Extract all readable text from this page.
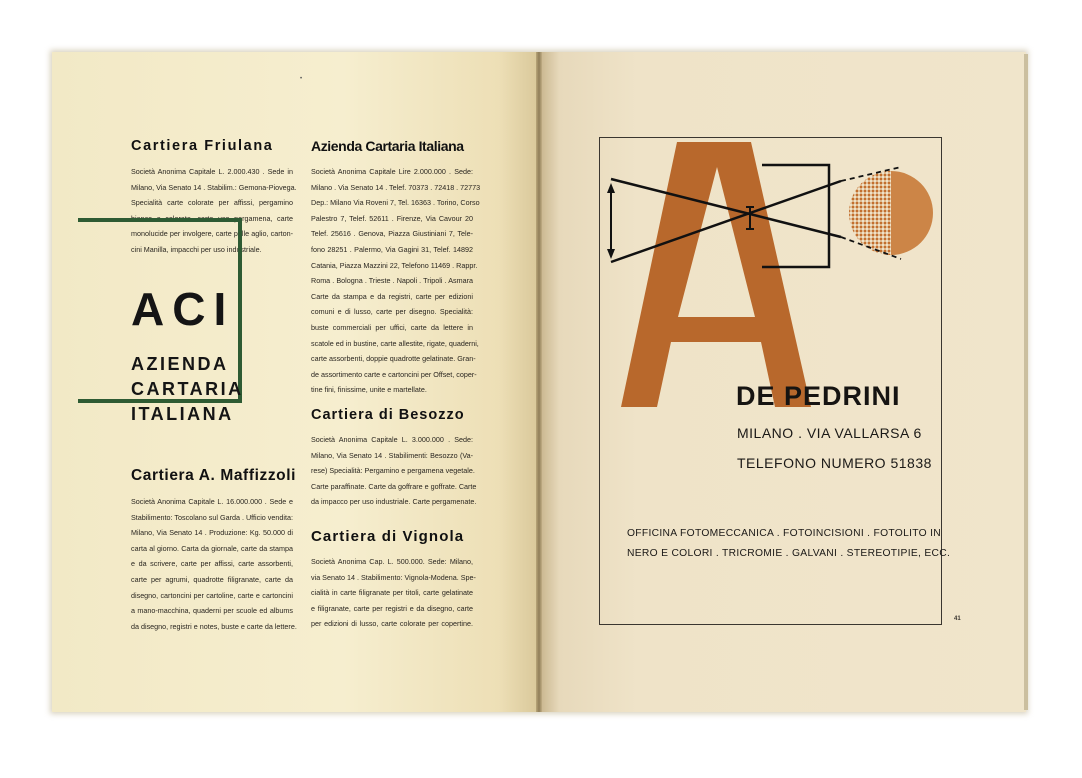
•
Cartiera Friulana
Società Anonima Capitale L. 2.000.430 . Sede in
Milano, Via Senato 14 . Stabilim.: Gemona-Piovega.
Specialità carte colorate per affissi, pergamino
bianco e colorato, carte uso pergamena, carte
monolucide per involgere, carte pelle aglio, carton-
cini Manilla, impacchi per uso industriale.
ACI
AZIENDA
CARTARIA
ITALIANA
Cartiera A. Maffizzoli
Società Anonima Capitale L. 16.000.000 . Sede e
Stabilimento: Toscolano sul Garda . Ufficio vendita:
Milano, Via Senato 14 . Produzione: Kg. 50.000 di
carta al giorno. Carta da giornale, carte da stampa
e da scrivere, carte per affissi, carte assorbenti,
carte per agrumi, quadrotte filigranate, carte da
disegno, cartoncini per cartoline, carte e cartoncini
a mano-macchina, quaderni per scuole ed albums
da disegno, registri e notes, buste e carte da lettere.
Azienda Cartaria Italiana
Società Anonima Capitale Lire 2.000.000 . Sede:
Milano . Via Senato 14 . Telef. 70373 . 72418 . 72773
Dep.: Milano Via Roveni 7, Tel. 16363 . Torino, Corso
Palestro 7, Telef. 52611 . Firenze, Via Cavour 20
Telef. 25616 . Genova, Piazza Giustiniani 7, Tele-
fono 28251 . Palermo, Via Gagini 31, Telef. 14892
Catania, Piazza Mazzini 22, Telefono 11469 . Rappr.
Roma . Bologna . Trieste . Napoli . Tripoli . Asmara
Carte da stampa e da registri, carte per edizioni
comuni e di lusso, carte per disegno. Specialità:
buste commerciali per uffici, carte da lettere in
scatole ed in bustine, carte allestite, rigate, quaderni,
carte assorbenti, doppie quadrotte gelatinate. Gran-
de assortimento carte e cartoncini per Offset, coper-
tine fini, finissime, unite e martellate.
Cartiera di Besozzo
Società Anonima Capitale L. 3.000.000 . Sede:
Milano, Via Senato 14 . Stabilimenti: Besozzo (Va-
rese) Specialità: Pergamino e pergamena vegetale.
Carte paraffinate. Carte da goffrare e goffrate. Carte
da impacco per uso industriale. Carte pergamenate.
Cartiera di Vignola
Società Anonima Cap. L. 500.000. Sede: Milano,
via Senato 14 . Stabilimento: Vignola-Modena. Spe-
cialità in carte filigranate per titoli, carte gelatinate
e filigranate, carte per registri e da disegno, carte
per edizioni di lusso, carte colorate per copertine.
DE PEDRINI
MILANO . VIA VALLARSA 6
TELEFONO NUMERO 51838
OFFICINA FOTOMECCANICA . FOTOINCISIONI . FOTOLITO IN
NERO E COLORI . TRICROMIE . GALVANI . STEREOTIPIE, ECC.
41
